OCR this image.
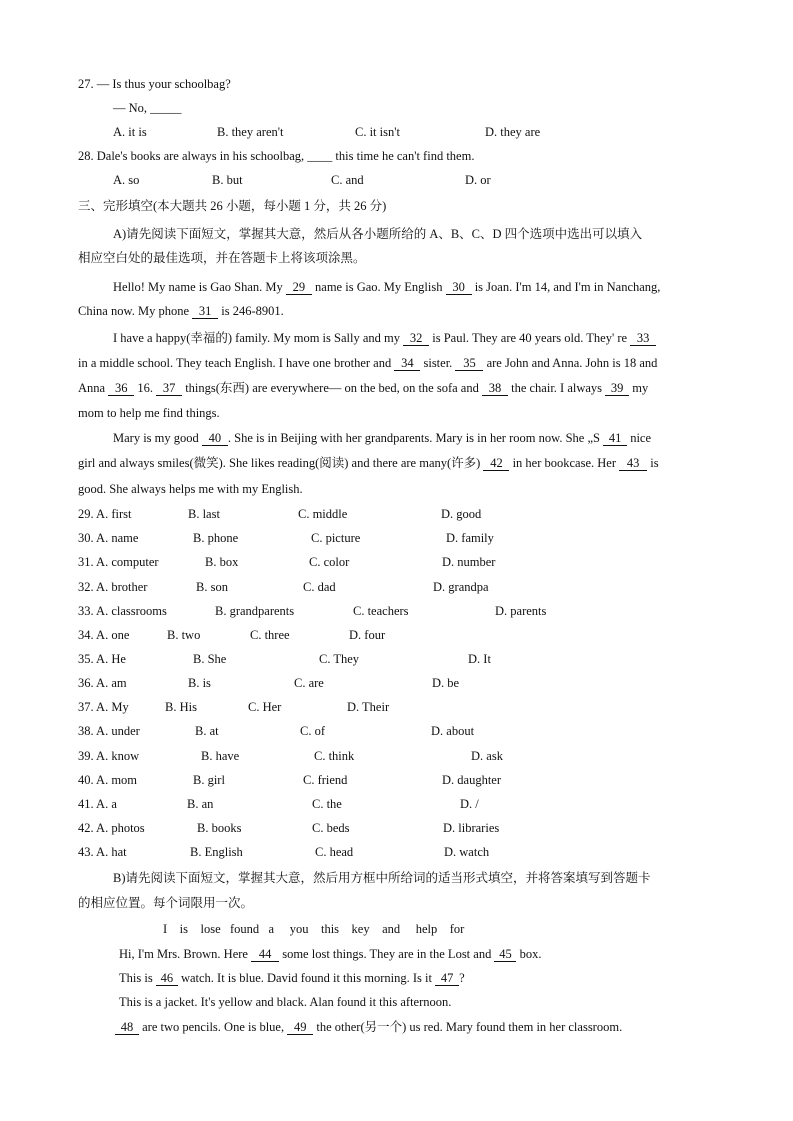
27. — Is thus your schoolbag?
— No, _____
A. it is	B. they aren't	C. it isn't	D. they are
28. Dale's books are always in his schoolbag, ____ this time he can't find them.
A. so	B. but	C. and	D. or
三、完形填空(本大题共 26 小题，每小题 1 分，共 26 分)
A)请先阅读下面短文，掌握其大意，然后从各小题所给的 A、B、C、D 四个选项中选出可以填入
相应空白处的最佳选项，并在答题卡上将该项涂黑。
Hello! My name is Gao Shan. My 29 name is Gao. My English 30 is Joan. I'm 14, and I'm in Nanchang,
China now. My phone 31 is 246-8901.
I have a happy(幸福的) family. My mom is Sally and my 32 is Paul. They are 40 years old. They' re 33
in a middle school. They teach English. I have one brother and 34 sister. 35 are John and Anna. John is 18 and
Anna 36 16. 37 things(东西) are everywhere— on the bed, on the sofa and 38 the chair. I always 39 my
mom to help me find things.
Mary is my good 40 . She is in Beijing with her grandparents. Mary is in her room now. She „S 41 nice
girl and always smiles(微笑). She likes reading(阅读) and there are many(许多) 42 in her bookcase. Her 43 is
good. She always helps me with my English.
29. A. first	B. last	C. middle	D. good
30. A. name	B. phone	C. picture	D. family
31. A. computer	B. box	C. color	D. number
32. A. brother	B. son	C. dad	D. grandpa
33. A. classrooms	B. grandparents	C. teachers	D. parents
34. A. one	B. two	C. three	D. four
35. A. He	B. She	C. They	D. It
36. A. am	B. is	C. are	D. be
37. A. My	B. His	C. Her	D. Their
38. A. under	B. at	C. of	D. about
39. A. know	B. have	C. think	D. ask
40. A. mom	B. girl	C. friend	D. daughter
41. A. a	B. an	C. the	D. /
42. A. photos	B. books	C. beds	D. libraries
43. A. hat	B. English	C. head	D. watch
B)请先阅读下面短文，掌握其大意，然后用方框中所给词的适当形式填空，并将答案填写到答题卡
的相应位置。每个词限用一次。
I    is    lose   found   a     you    this    key    and     help    for
Hi, I'm Mrs. Brown. Here 44 some lost things. They are in the Lost and 45 box.
This is 46 watch. It is blue. David found it this morning. Is it 47 ?
This is a jacket. It's yellow and black. Alan found it this afternoon.
48 are two pencils. One is blue, 49 the other(另一个) us red. Mary found them in her classroom.
